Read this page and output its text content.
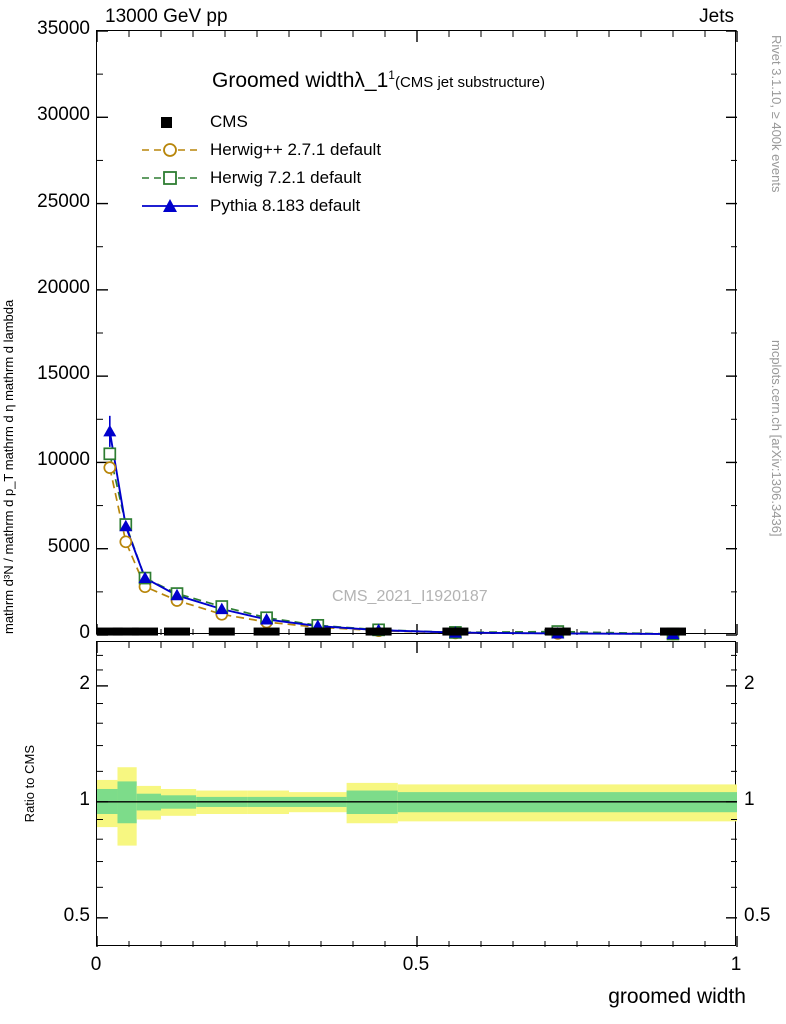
13000 GeV pp	Jets
Rivet 3.1.10, ≥ 400k events
mcplots.cern.ch [arXiv:1306.3436]
mathrm d³N / mathrm d p_T mathrm d η mathrm d lambda
Groomed $width\lambda\_1^1(CMS$ jet substructure)
CMS_2021_I1920187
CMS
Herwig++ 2.7.1 default
Herwig 7.2.1 default
Pythia 8.183 default
Ratio to CMS
groomed width
0
5000
10000
15000
20000
25000
30000
35000
0	0.5	1
0.5	0.5
1	1
2	2
